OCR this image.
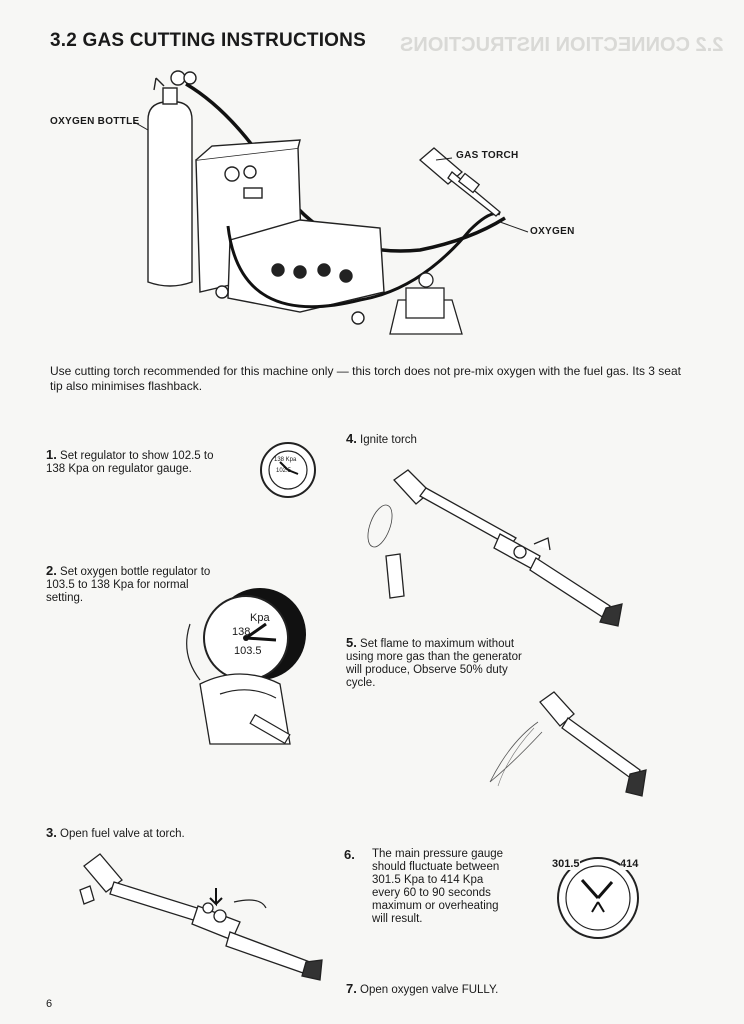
2.2 CONNECTION INSTRUCTIONS
3.2 GAS CUTTING INSTRUCTIONS
OXYGEN BOTTLE
GAS TORCH
OXYGEN
Use cutting torch recommended for this machine only — this torch does not pre-mix oxygen with the fuel gas. Its 3 seat tip also minimises flashback.
1. Set regulator to show 102.5 to 138 Kpa on regulator gauge.
2. Set oxygen bottle regulator to 103.5 to 138 Kpa for normal setting.
3. Open fuel valve at torch.
4. Ignite torch
5. Set flame to maximum without using more gas than the generator will produce, Observe 50% duty cycle.
6.	The main pressure gauge should fluctuate between 301.5 Kpa to 414 Kpa every 60 to 90 seconds maximum or overheating will result.
7. Open oxygen valve FULLY.
138 Kpa
102.5
Kpa
138
103.5
301.5	414
6
